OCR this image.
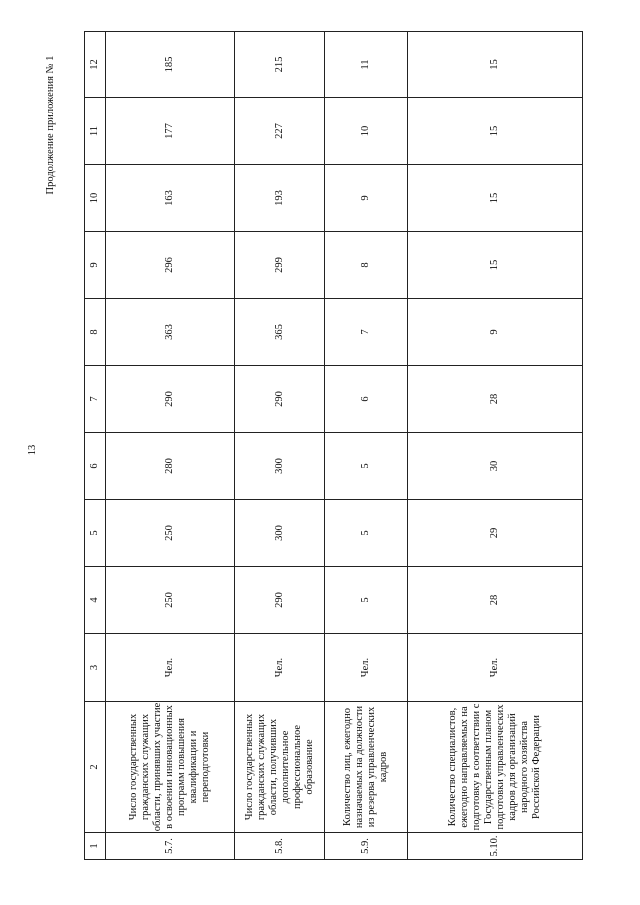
13
Продолжение приложения № 1
1	2	3	4	5	6	7	8	9	10	11	12
5.7.	Число государственных гражданских служащих области, принявших участие в освоении инновационных программ повышения квалификации и переподготовки	Чел.	250	250	280	290	363	296	163	177	185
5.8.	Число государственных гражданских служащих области, получивших дополнительное профессиональное образование	Чел.	290	300	300	290	365	299	193	227	215
5.9.	Количество лиц, ежегодно назначаемых на должности из резерва управленческих кадров	Чел.	5	5	5	6	7	8	9	10	11
5.10.	Количество специалистов, ежегодно направляемых на подготовку в соответствии с Государственным планом подготовки управленческих кадров для организаций народного хозяйства Российской Федерации	Чел.	28	29	30	28	9	15	15	15	15
